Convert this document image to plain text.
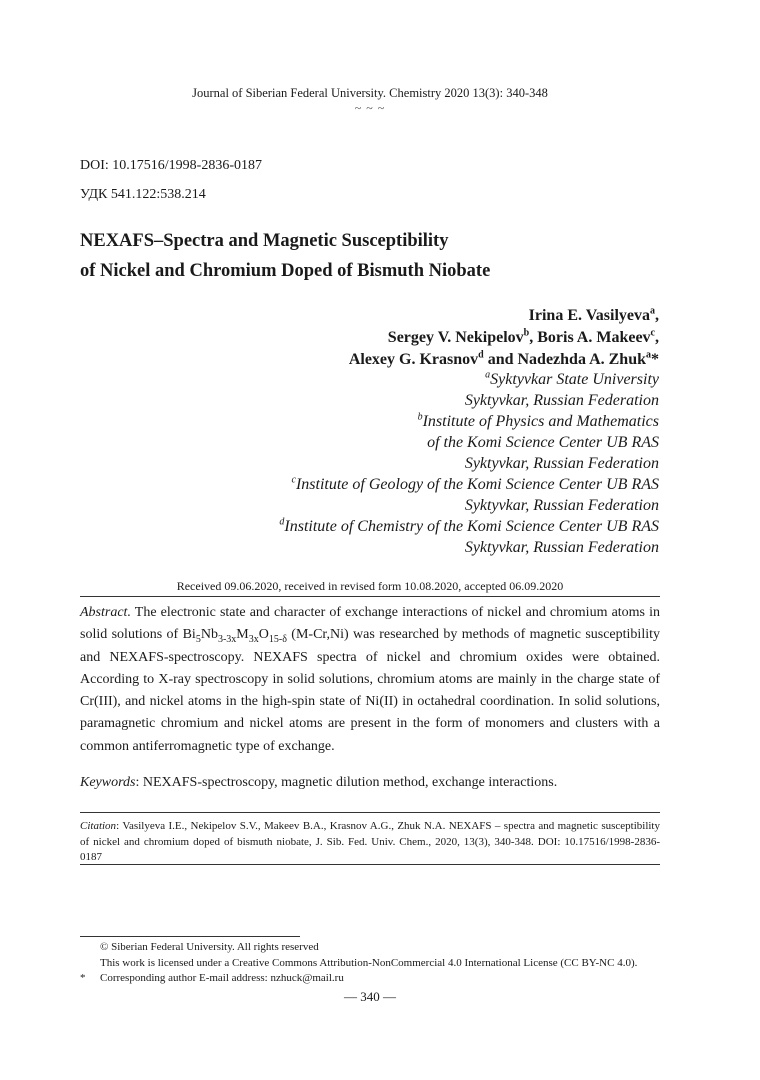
Journal of Siberian Federal University. Chemistry 2020 13(3): 340-348
~ ~ ~
DOI: 10.17516/1998-2836-0187
УДК 541.122:538.214
NEXAFS–Spectra and Magnetic Susceptibility
of Nickel and Chromium Doped of Bismuth Niobate
Irina E. Vasilyeva$^a$,
Sergey V. Nekipelov$^b$, Boris A. Makeev$^c$,
Alexey G. Krasnov$^d$ and Nadezhda A. Zhuk$^a$*
$^a$Syktyvkar State University
Syktyvkar, Russian Federation
$^b$Institute of Physics and Mathematics
of the Komi Science Center UB RAS
Syktyvkar, Russian Federation
$^c$Institute of Geology of the Komi Science Center UB RAS
Syktyvkar, Russian Federation
$^d$Institute of Chemistry of the Komi Science Center UB RAS
Syktyvkar, Russian Federation
Received 09.06.2020, received in revised form 10.08.2020, accepted 06.09.2020
Abstract. The electronic state and character of exchange interactions of nickel and chromium atoms in solid solutions of $Bi_5Nb_{3-3x}M_{3x}O_{15-\delta}$ (M-Cr,Ni) was researched by methods of magnetic susceptibility and NEXAFS-spectroscopy. NEXAFS spectra of nickel and chromium oxides were obtained. According to X-ray spectroscopy in solid solutions, chromium atoms are mainly in the charge state of Cr(III), and nickel atoms in the high-spin state of Ni(II) in octahedral coordination. In solid solutions, paramagnetic chromium and nickel atoms are present in the form of monomers and clusters with a common antiferromagnetic type of exchange.
Keywords: NEXAFS-spectroscopy, magnetic dilution method, exchange interactions.
Citation: Vasilyeva I.E., Nekipelov S.V., Makeev B.A., Krasnov A.G., Zhuk N.A. NEXAFS – spectra and magnetic susceptibility of nickel and chromium doped of bismuth niobate, J. Sib. Fed. Univ. Chem., 2020, 13(3), 340-348. DOI: 10.17516/1998-2836-0187
© Siberian Federal University. All rights reserved
This work is licensed under a Creative Commons Attribution-NonCommercial 4.0 International License (CC BY-NC 4.0).
* Corresponding author E-mail address: nzhuck@mail.ru
— 340 —
